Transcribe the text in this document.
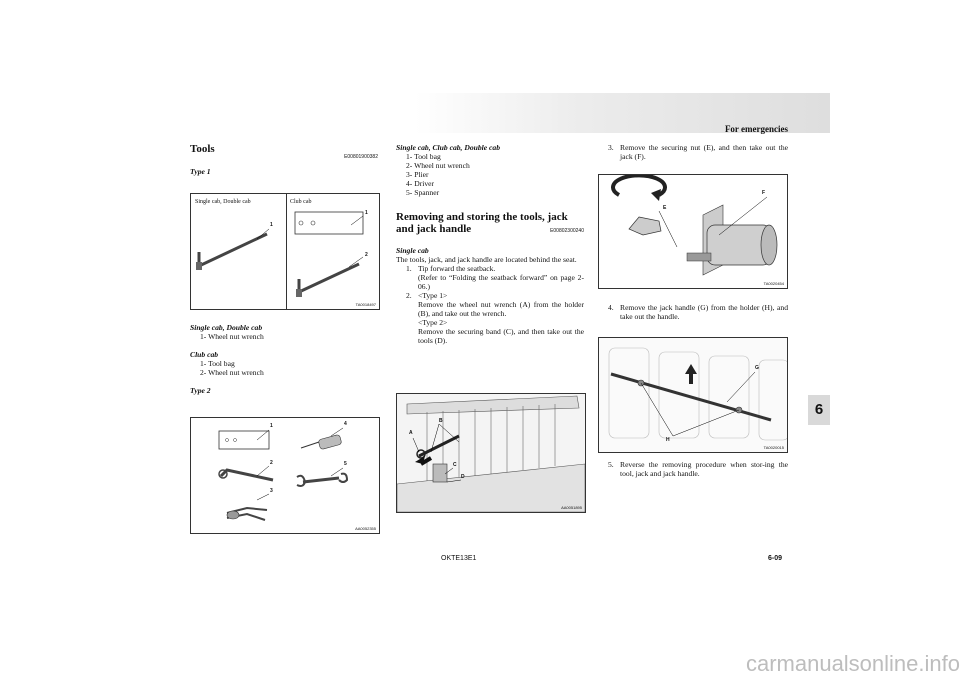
For emergencies
6
Tools
E00801900382

Type 1

Single cab, Double cab	Club cab
1
1
2
TA0018497

Single cab, Double cab

1- Wheel nut wrench

Club cab

1- Tool bag
2- Wheel nut wrench

Type 2

1
2
3
4
5
AA0052355

Single cab, Club cab, Double cab

1- Tool bag
2- Wheel nut wrench
3- Plier
4- Driver
5- Spanner
Removing and storing the tools, jack and jack handle	E00802300240

Single cab

The tools, jack, and jack handle are located behind the seat.
1. Tip forward the seatback.
(Refer to “Folding the seatback forward” on page 2-06.)
2. <Type 1>
Remove the wheel nut wrench (A) from the holder (B), and take out the wrench.
<Type 2>
Remove the securing band (C), and then take out the tools (D).
A
B
C
D
AA0051895
3. Remove the securing nut (E), and then take out the jack (F).
E
F
TA0020454
4. Remove the jack handle (G) from the holder (H), and take out the handle.
G
H
TA0020015
5. Reverse the removing procedure when stor-ing the tool, jack and jack handle.
OKTE13E1	6-09
carmanualsonline.info
